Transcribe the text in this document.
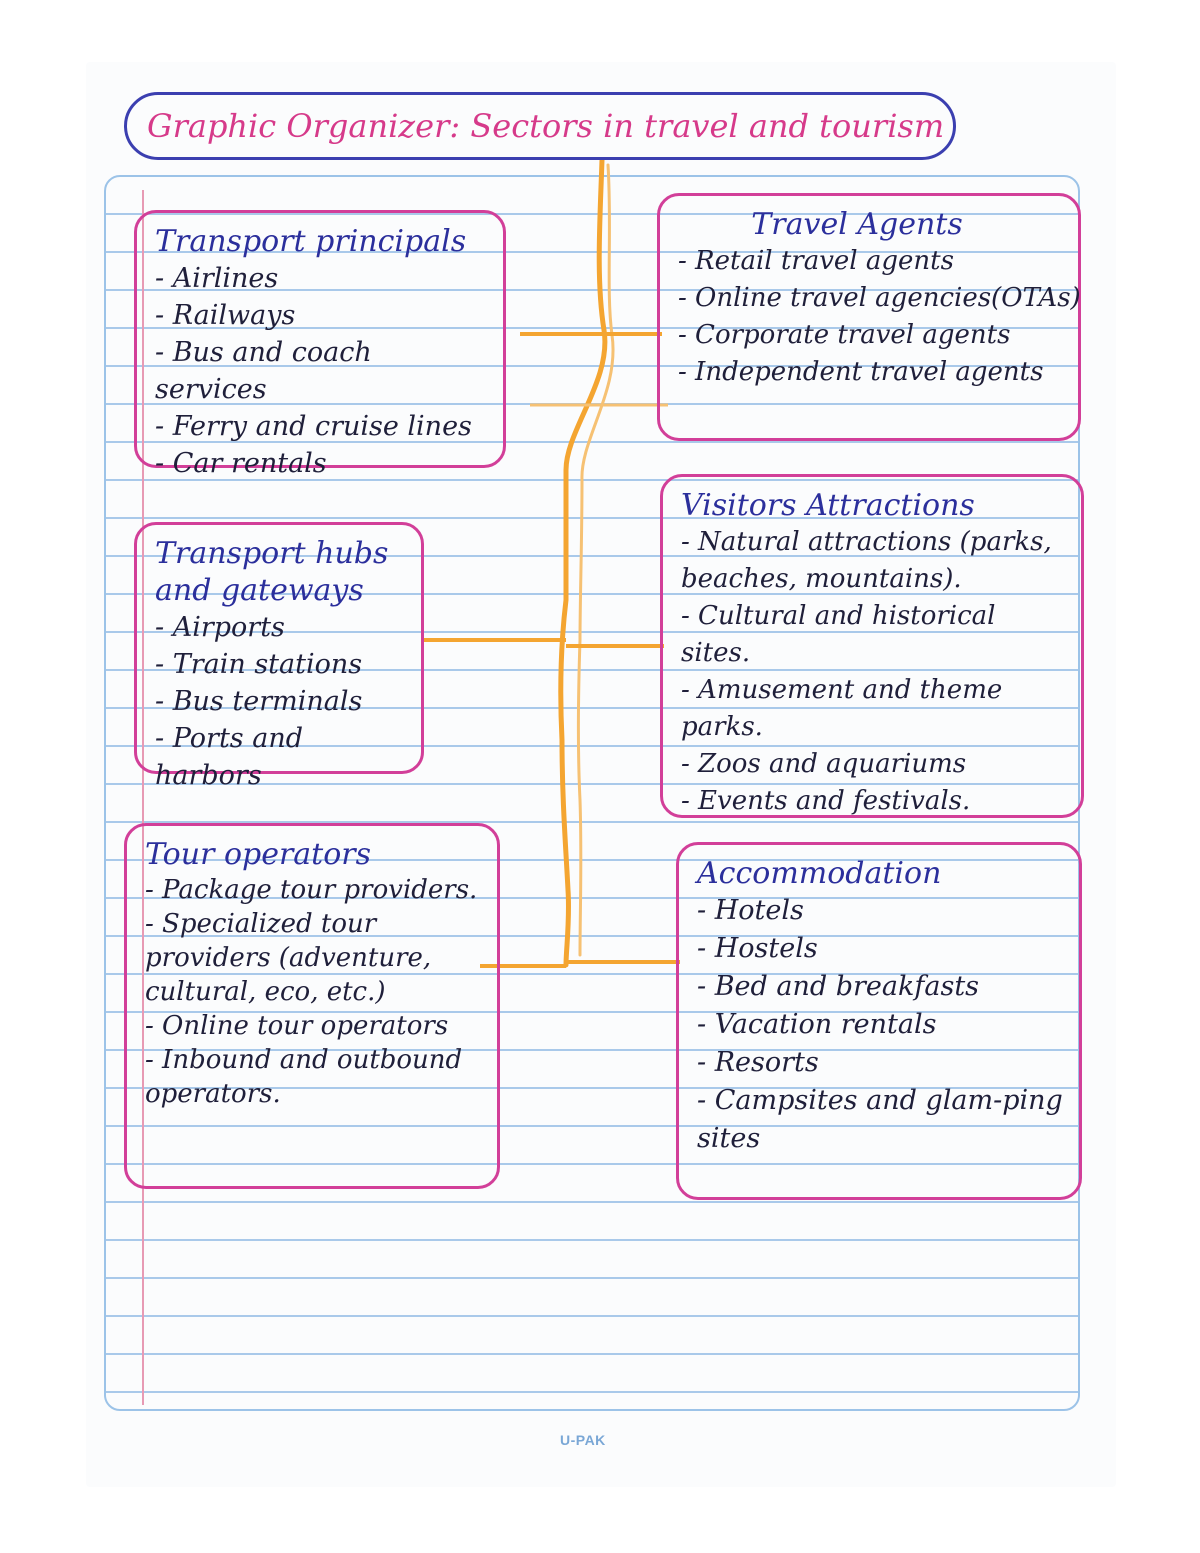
Graphic Organizer: Sectors in travel and tourism

Transport principals

- Airlines
- Railways
- Bus and coach services
- Ferry and cruise lines
- Car rentals

Travel Agents

- Retail travel agents
- Online travel agencies(OTAs)
- Corporate travel agents
- Independent travel agents

Transport hubs and gateways

- Airports
- Train stations
- Bus terminals
- Ports and harbors

Visitors Attractions

- Natural attractions (parks, beaches, mountains).
- Cultural and historical sites.
- Amusement and theme parks.
- Zoos and aquariums
- Events and festivals.

Tour operators

- Package tour providers.
- Specialized tour providers (adventure, cultural, eco, etc.)
- Online tour operators
- Inbound and outbound operators.

Accommodation

- Hotels
- Hostels
- Bed and breakfasts
- Vacation rentals
- Resorts
- Campsites and glam-ping sites
U-PAK
